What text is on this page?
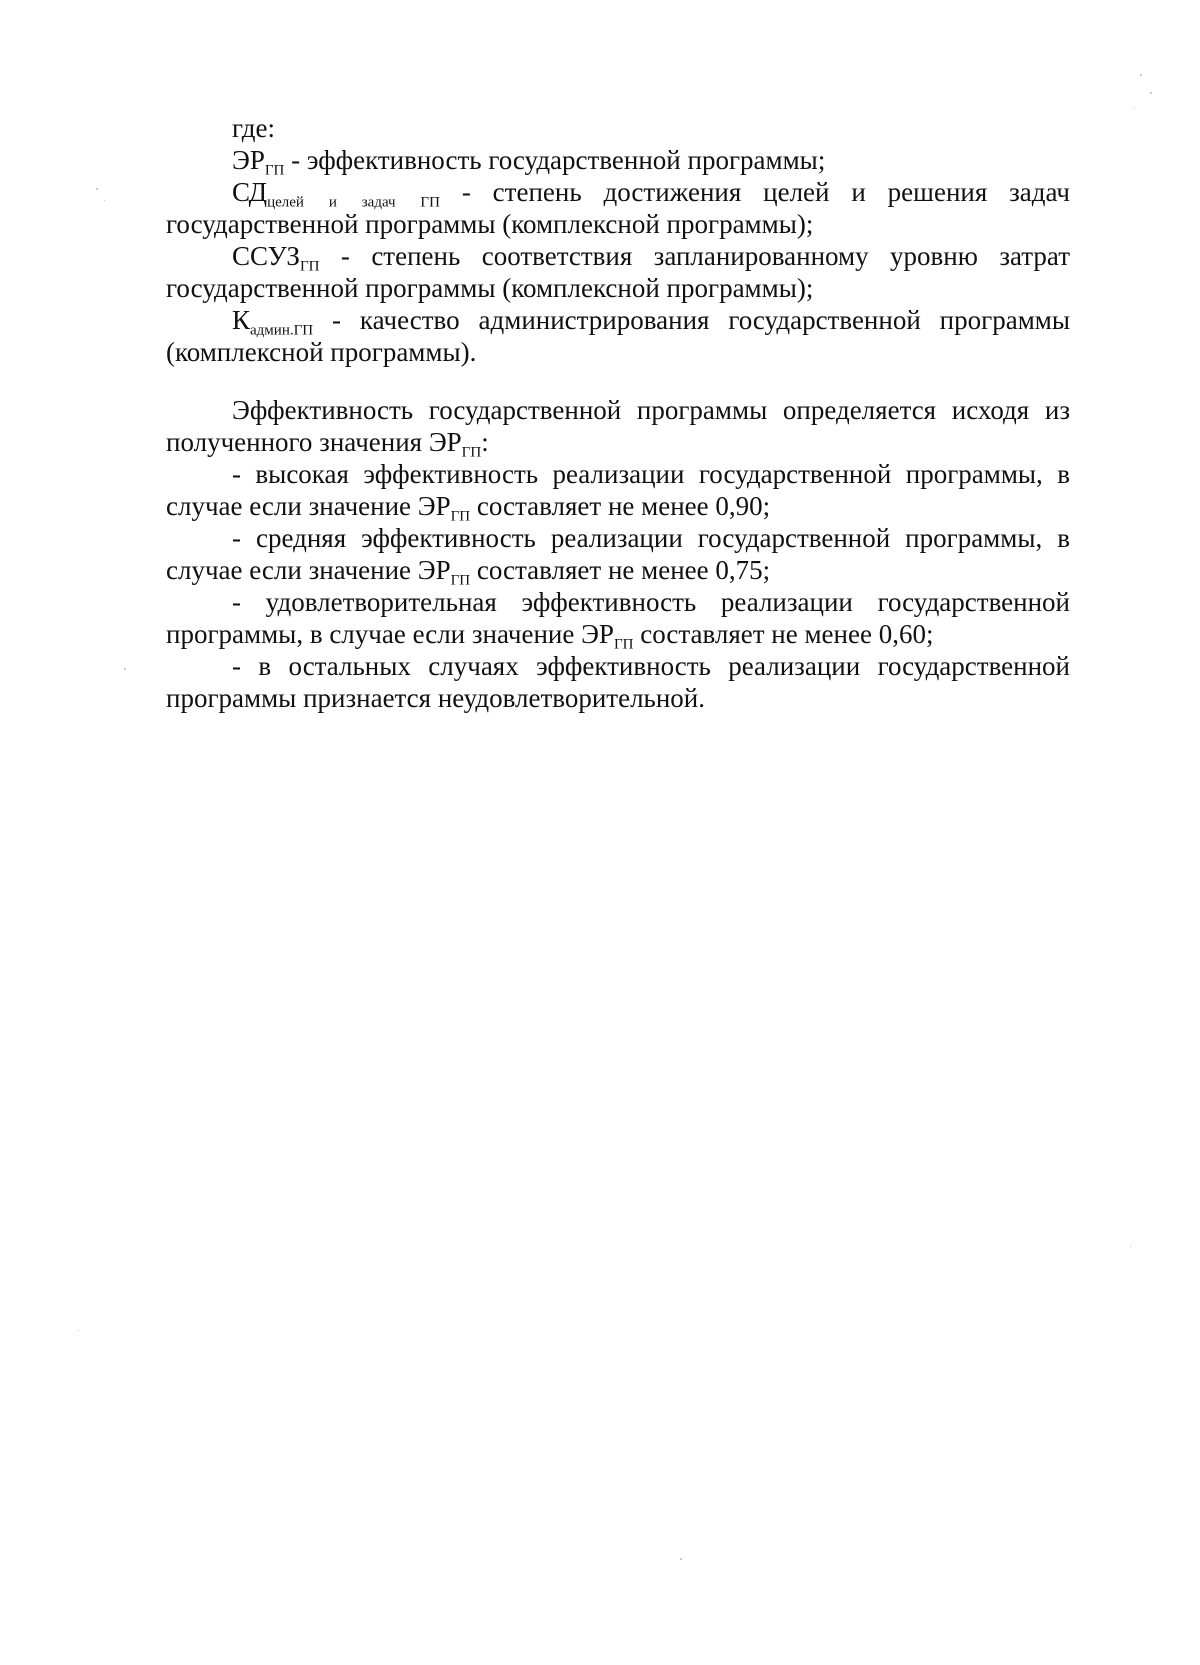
где:

$ЭР_{ГП}$ - эффективность государственной программы;

$СД_{целей и задач ГП}$ - степень достижения целей и решения задач государственной программы (комплексной программы);

$ССУЗ_{ГП}$ - степень соответствия запланированному уровню затрат государственной программы (комплексной программы);

$К_{админ.ГП}$ - качество администрирования государственной программы (комплексной программы).

Эффективность государственной программы определяется исходя из полученного значения $ЭР_{ГП}$:

- высокая эффективность реализации государственной программы, в случае если значение $ЭР_{ГП}$ составляет не менее 0,90;

- средняя эффективность реализации государственной программы, в случае если значение $ЭР_{ГП}$ составляет не менее 0,75;

- удовлетворительная эффективность реализации государственной программы, в случае если значение $ЭР_{ГП}$ составляет не менее 0,60;

- в остальных случаях эффективность реализации государственной программы признается неудовлетворительной.
